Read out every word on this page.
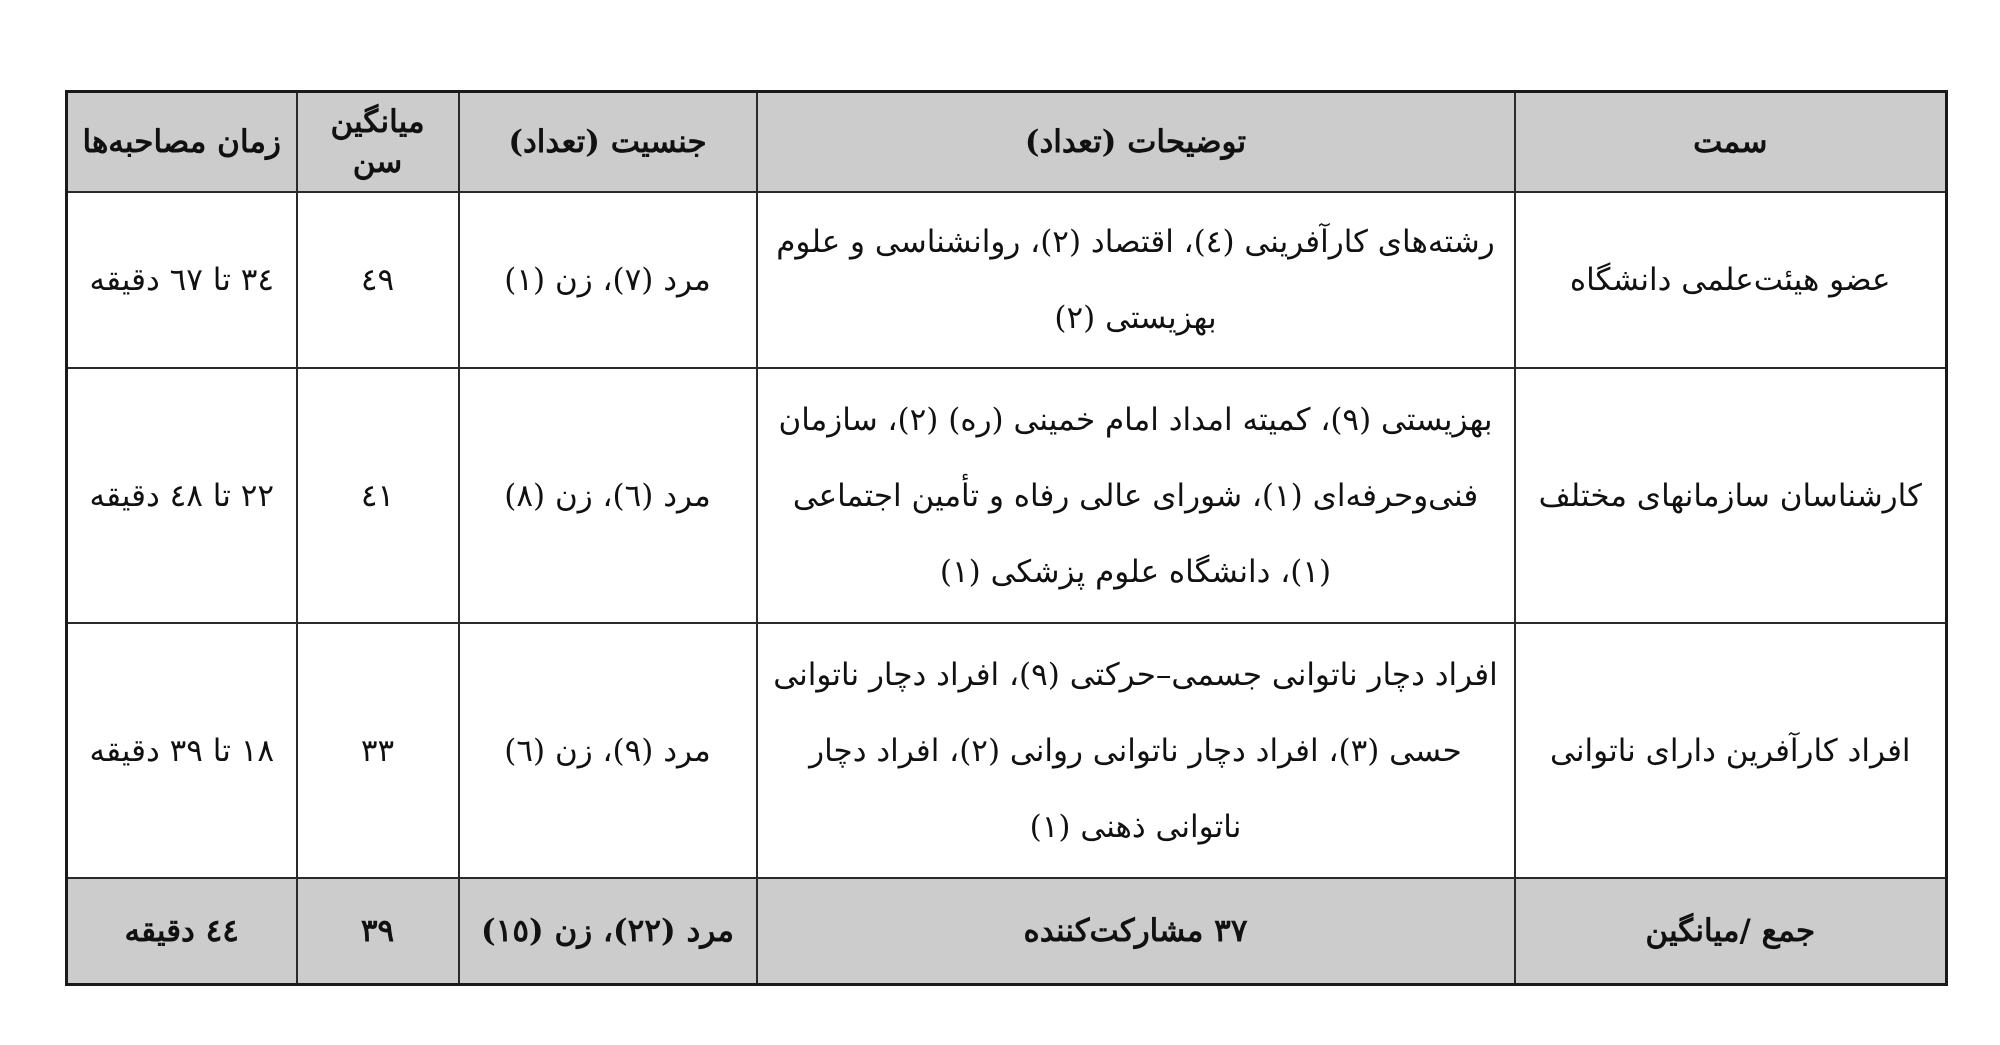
سمت	توضیحات (تعداد)	جنسیت (تعداد)	میانگین سن	زمان مصاحبه‌ها
عضو هیئت‌علمی دانشگاه	رشته‌های کارآفرینی (٤)، اقتصاد (٢)، روانشناسی و علوم بهزیستی (٢)	مرد (٧)، زن (١)	٤٩	٣٤ تا ٦٧ دقیقه
کارشناسان سازمانهای مختلف	بهزیستی (٩)، کمیته امداد امام خمینی (ره) (٢)، سازمان فنی‌وحرفه‌ای (١)، شورای عالی رفاه و تأمین اجتماعی (١)، دانشگاه علوم پزشکی (١)	مرد (٦)، زن (٨)	٤١	٢٢ تا ٤٨ دقیقه
افراد کارآفرین دارای ناتوانی	افراد دچار ناتوانی جسمی–حرکتی (٩)، افراد دچار ناتوانی حسی (٣)، افراد دچار ناتوانی روانی (٢)، افراد دچار ناتوانی ذهنی (١)	مرد (٩)، زن (٦)	٣٣	١٨ تا ٣٩ دقیقه
جمع /میانگین	٣٧ مشارکت‌کننده	مرد (٢٢)، زن (١٥)	٣٩	٤٤ دقیقه
